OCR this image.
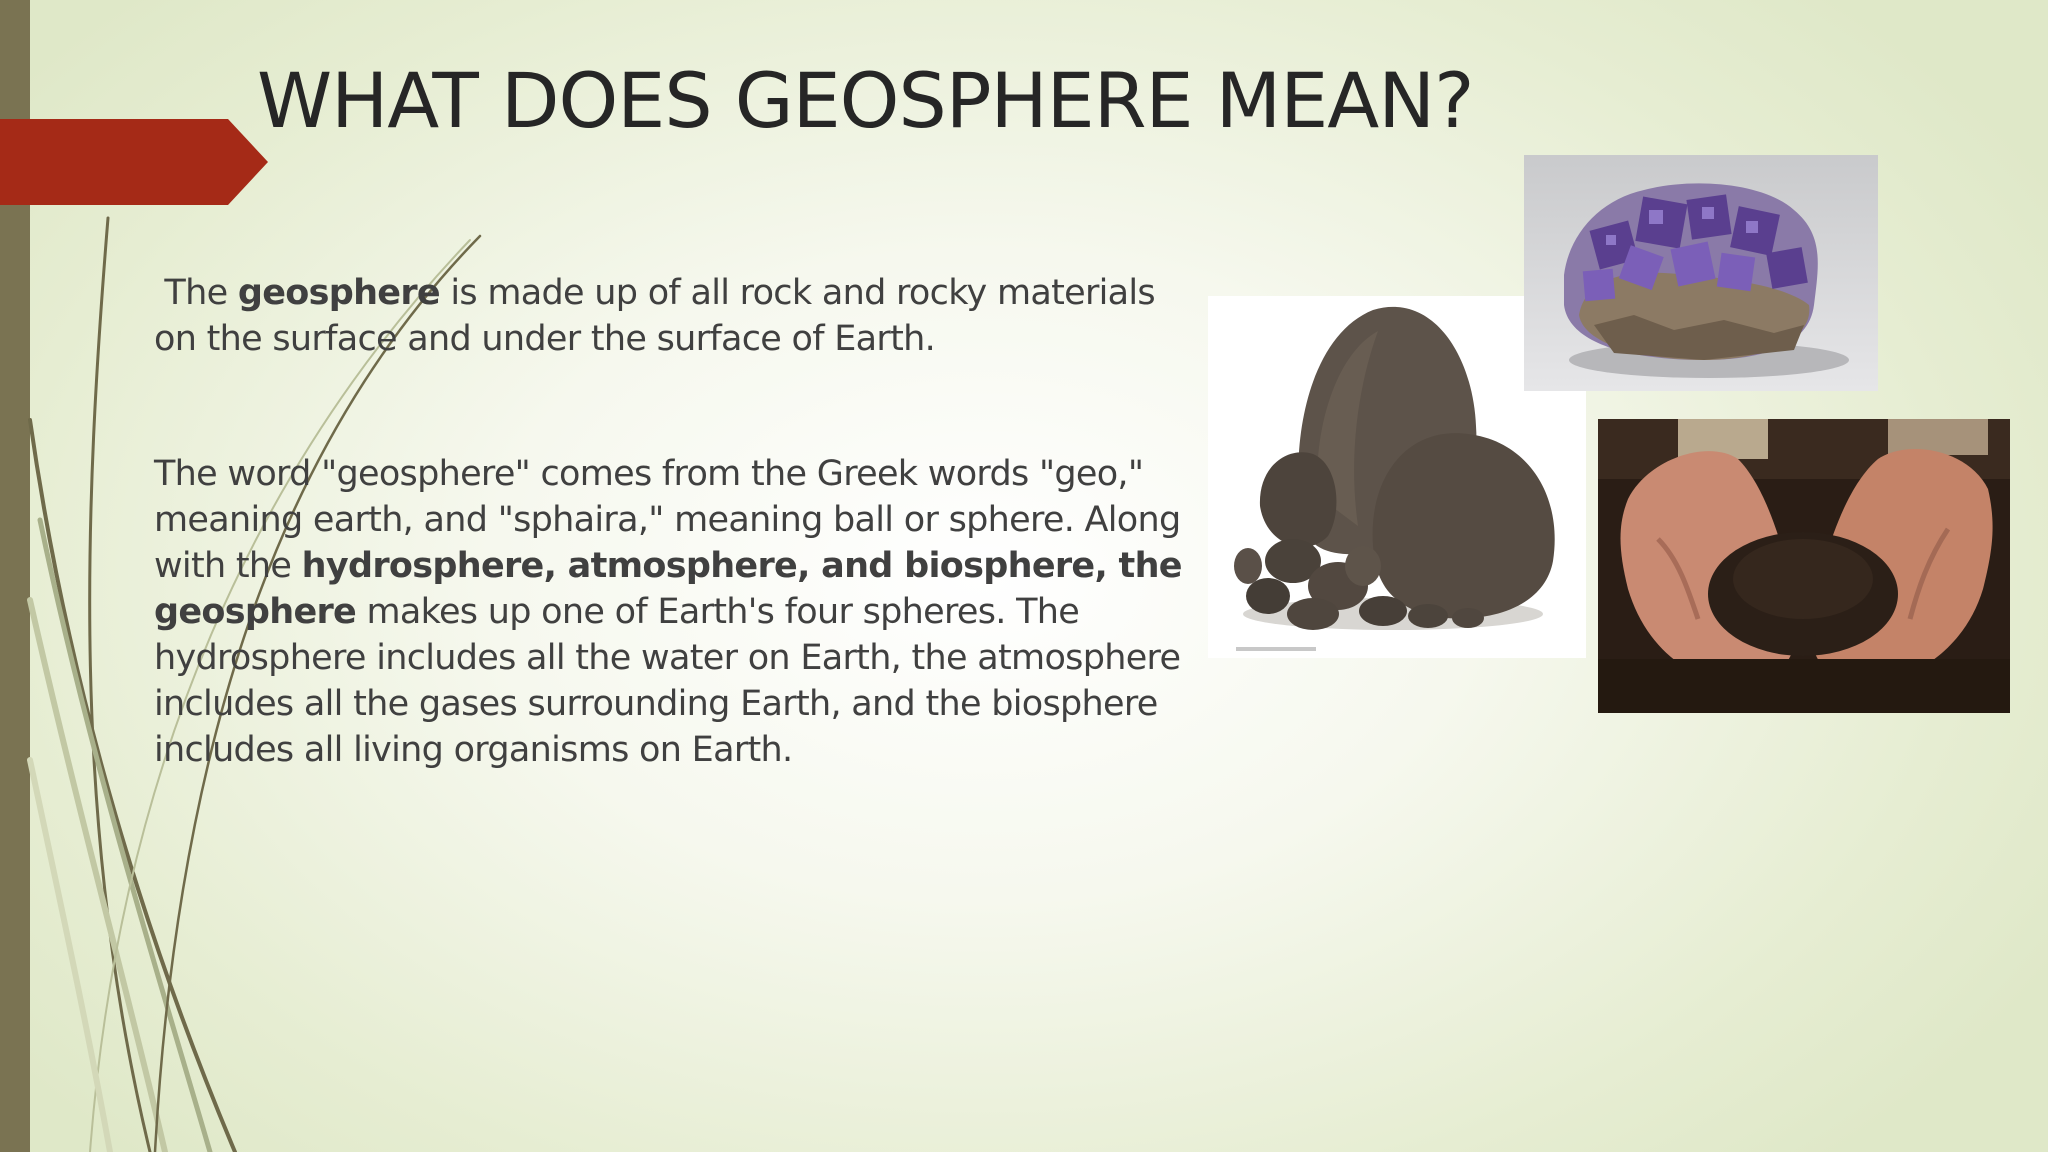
WHAT DOES GEOSPHERE MEAN?

The geosphere is made up of all rock and rocky materials on the surface and under the surface of Earth.

The word "geosphere" comes from the Greek words "geo," meaning earth, and "sphaira," meaning ball or sphere. Along with the hydrosphere, atmosphere, and biosphere, the geosphere makes up one of Earth's four spheres. The hydrosphere includes all the water on Earth, the atmosphere includes all the gases surrounding Earth, and the biosphere includes all living organisms on Earth.
